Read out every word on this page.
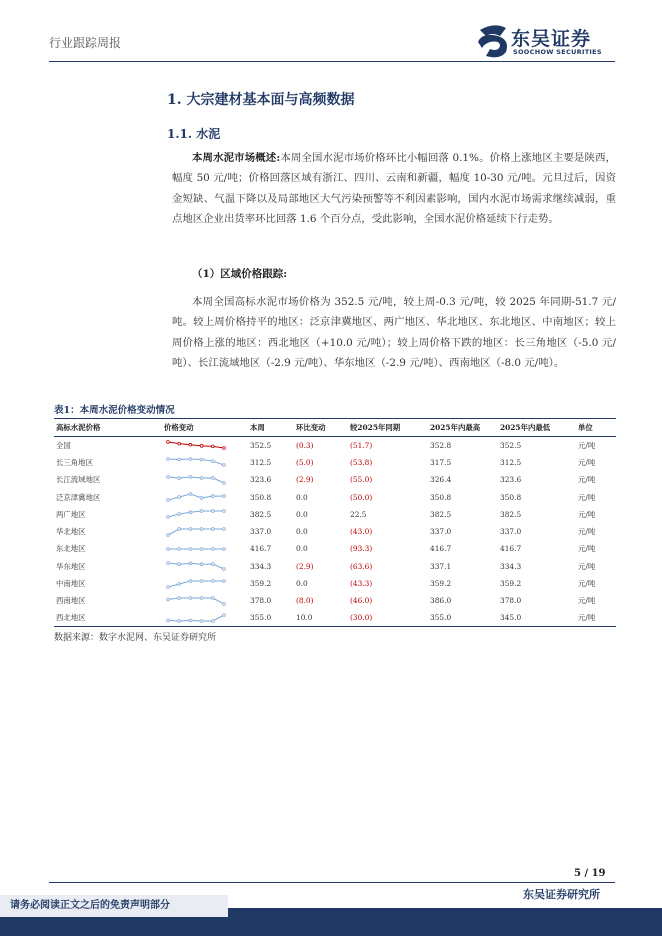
行业跟踪周报	东吴证券
SOOCHOW SECURITIES
1. 大宗建材基本面与高频数据
1.1. 水泥
本周水泥市场概述:本周全国水泥市场价格环比小幅回落 0.1%。价格上涨地区主要是陕西，幅度 50 元/吨；价格回落区域有浙江、四川、云南和新疆，幅度 10-30 元/吨。元旦过后，因资金短缺、气温下降以及局部地区大气污染预警等不利因素影响，国内水泥市场需求继续减弱，重点地区企业出货率环比回落 1.6 个百分点，受此影响，全国水泥价格延续下行走势。
（1）区域价格跟踪:
本周全国高标水泥市场价格为 352.5 元/吨，较上周-0.3 元/吨，较 2025 年同期-51.7 元/吨。较上周价格持平的地区：泛京津冀地区、两广地区、华北地区、东北地区、中南地区；较上周价格上涨的地区：西北地区（+10.0 元/吨）；较上周价格下跌的地区：长三角地区（-5.0 元/吨）、长江流域地区（-2.9 元/吨）、华东地区（-2.9 元/吨）、西南地区（-8.0 元/吨）。
表1：本周水泥价格变动情况
高标水泥价格	价格变动	本周	环比变动	较2025年同期	2025年内最高	2025年内最低	单位
全国		352.5	(0.3)	(51.7)	352.8	352.5	元/吨
长三角地区		312.5	(5.0)	(53.8)	317.5	312.5	元/吨
长江流域地区		323.6	(2.9)	(55.0)	326.4	323.6	元/吨
泛京津冀地区		350.8	0.0	(50.0)	350.8	350.8	元/吨
两广地区		382.5	0.0	22.5	382.5	382.5	元/吨
华北地区		337.0	0.0	(43.0)	337.0	337.0	元/吨
东北地区		416.7	0.0	(93.3)	416.7	416.7	元/吨
华东地区		334.3	(2.9)	(63.6)	337.1	334.3	元/吨
中南地区		359.2	0.0	(43.3)	359.2	359.2	元/吨
西南地区		378.0	(8.0)	(46.0)	386.0	378.0	元/吨
西北地区		355.0	10.0	(30.0)	355.0	345.0	元/吨
数据来源：数字水泥网、东吴证券研究所
5 / 19
东吴证券研究所
请务必阅读正文之后的免责声明部分
